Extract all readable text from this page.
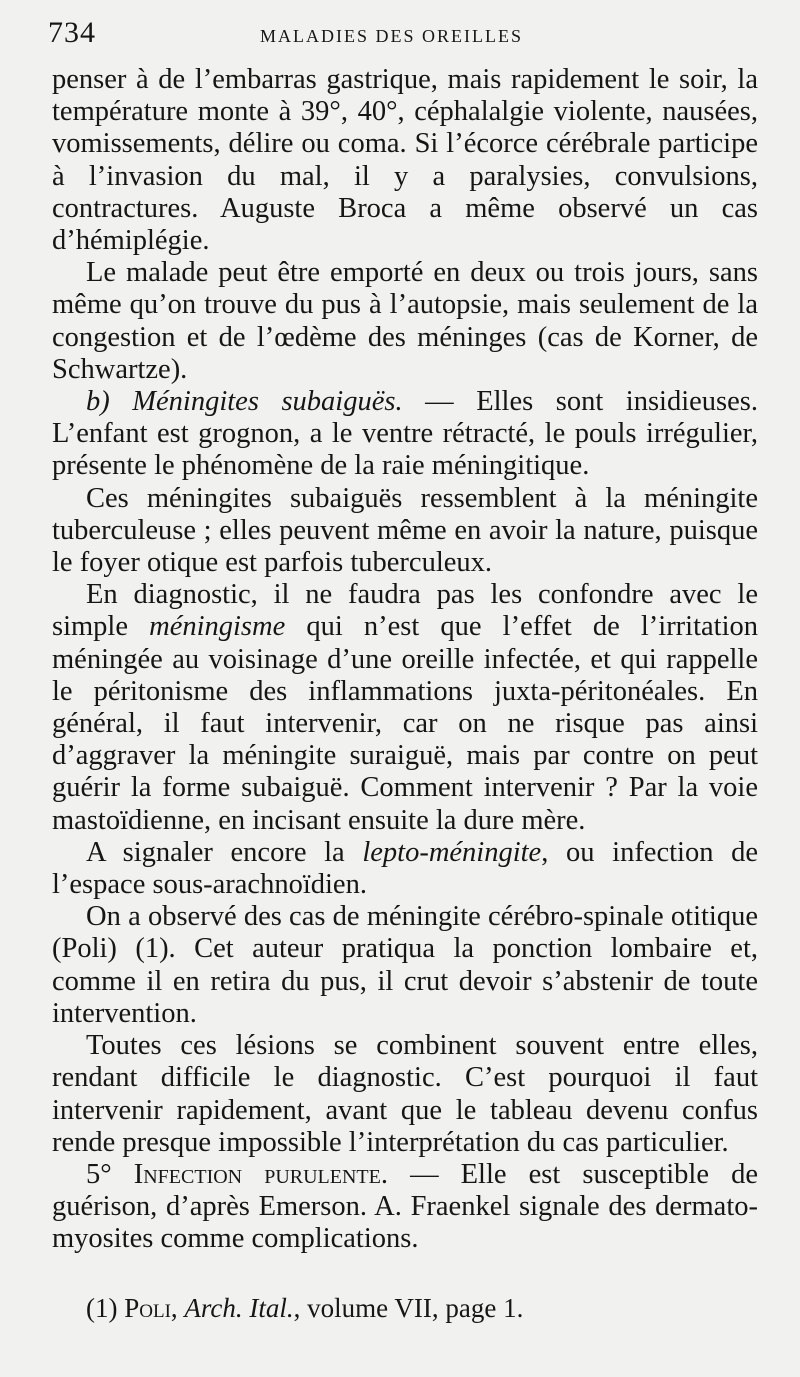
734	MALADIES DES OREILLES

penser à de l’embarras gastrique, mais rapidement le soir, la température monte à 39°, 40°, céphalalgie violente, nausées, vomissements, délire ou coma. Si l’écorce cérébrale participe à l’invasion du mal, il y a paralysies, convulsions, contractures. Auguste Broca a même observé un cas d’hémiplégie.

Le malade peut être emporté en deux ou trois jours, sans même qu’on trouve du pus à l’autopsie, mais seulement de la congestion et de l’œdème des méninges (cas de Korner, de Schwartze).

b) Méningites subaiguës. — Elles sont insidieuses. L’enfant est grognon, a le ventre rétracté, le pouls irrégulier, présente le phénomène de la raie méningitique.

Ces méningites subaiguës ressemblent à la méningite tuberculeuse ; elles peuvent même en avoir la nature, puisque le foyer otique est parfois tuberculeux.

En diagnostic, il ne faudra pas les confondre avec le simple méningisme qui n’est que l’effet de l’irritation méningée au voisinage d’une oreille infectée, et qui rappelle le péritonisme des inflammations juxta-péritonéales. En général, il faut intervenir, car on ne risque pas ainsi d’aggraver la méningite suraiguë, mais par contre on peut guérir la forme subaiguë. Comment intervenir ? Par la voie mastoïdienne, en incisant ensuite la dure mère.

A signaler encore la lepto-méningite, ou infection de l’espace sous-arachnoïdien.

On a observé des cas de méningite cérébro-spinale otitique (Poli) (1). Cet auteur pratiqua la ponction lombaire et, comme il en retira du pus, il crut devoir s’abstenir de toute intervention.

Toutes ces lésions se combinent souvent entre elles, rendant difficile le diagnostic. C’est pourquoi il faut intervenir rapidement, avant que le tableau devenu confus rende presque impossible l’interprétation du cas particulier.

5° Infection purulente. — Elle est susceptible de guérison, d’après Emerson. A. Fraenkel signale des dermato-myosites comme complications.

(1) Poli, Arch. Ital., volume VII, page 1.
